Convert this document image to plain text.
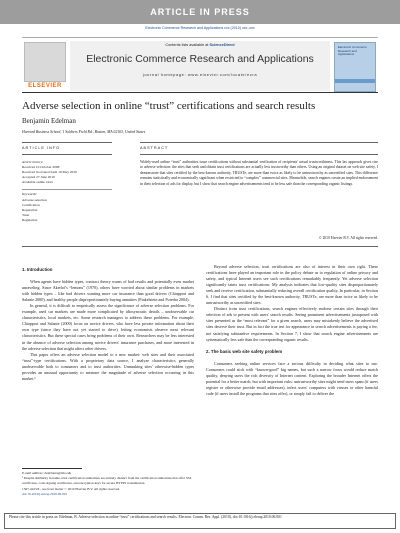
ARTICLE IN PRESS
Electronic Commerce Research and Applications xxx (2010) xxx–xxx
ELSEVIER
Contents lists available at ScienceDirect
Electronic Commerce Research and Applications
journal homepage: www.elsevier.com/locate/ecra
Electronic Commerce Research and Applications
Adverse selection in online “trust” certifications and search results
Benjamin Edelman
Harvard Business School, 1 Soldiers Field Rd., Boston, MA 02163, United States
ARTICLE INFO	ABSTRACT
Article history:
Received 10 October 2008
Received in revised form 10 May 2010
Accepted 27 June 2010
Available online xxxx
Keywords:
Adverse selection
Certification
Reputation
Trust
Regulation
Widely-used online “trust” authorities issue certifications without substantial verification of recipients' actual trustworthiness. This lax approach gives rise to adverse selection: the sites that seek and obtain trust certifications are actually less trustworthy than others. Using an original dataset on web site safety, I demonstrate that sites certified by the best-known authority, TRUSTe, are more than twice as likely to be untrustworthy as uncertified sites. This difference remains statistically and economically significant when restricted to “complex” commercial sites. Meanwhile, search engines create an implied endorsement in their selection of ads for display, but I show that search engine advertisements tend to be less safe than the corresponding organic listings.
© 2010 Elsevier B.V. All rights reserved.
1. Introduction

When agents have hidden types, contract theory warns of bad results and potentially even market unraveling. Since Akerlof's “lemons” (1970), others have worried about similar problems in markets with hidden types – like bad drivers wanting more car insurance than good drivers (Chiappori and Salanie 2000), and healthy people disproportionately buying annuities (Finkelstein and Poterba 2004).

In general, it is difficult to empirically assess the significance of adverse selection problems. For example, used car markets are made more complicated by idiosyncratic details – unobservable car characteristics, local markets, etc. Some research managers to address these problems. For example, Chiappori and Salanie (2000) focus on novice drivers, who have less private information about their own type (since they have not yet started to drive), letting economists observe most relevant characteristics. But these special cases bring problems of their own. Researchers may be less interested in the absence of adverse selection among novice drivers' insurance purchases, and more interested in the adverse selection that might affect other drivers.

This paper offers an adverse selection model to a new market: web sites and their associated “trust”-type certifications. With a proprietary data source, I analyze characteristics generally unobservable both to consumers and to trust authorities. Unmasking sites' otherwise-hidden types provides an unusual opportunity to measure the magnitude of adverse selection occurring in this market.¹

Beyond adverse selection, trust certifications are also of interest in their own right. These certifications have played an important role in the policy debate as to regulation of online privacy and safety, and typical Internet users see such certifications remarkably frequently. Yet adverse selection significantly taints trust certifications: My analysis indicates that low-quality sites disproportionately seek and receive certification, substantially reducing overall certification quality. In particular, in Section 6, I find that sites certified by the best-known authority, TRUSTe, are more than twice as likely to be untrustworthy as uncertified sites.

Distinct from trust certifications, search engines effectively endorse certain sites through their selection of ads to present with users' search results. Seeing prominent advertisements juxtaposed with sites presented as the “most relevant” for a given search, users may mistakenly believe the advertised sites deserve their trust. But in fact the true test for appearance in search advertisements is paying a fee, not satisfying substantive requirements. In Section 7, I show that search engine advertisements are systematically less safe than the corresponding organic results.

2. The basic web site safety problem

Consumers seeking online services face a serious difficulty in deciding what sites to use. Consumers could stick with “known-good” big names, but such a narrow focus would reduce match quality, denying users the rich diversity of Internet content. Exploring the broader Internet offers the potential for a better match, but with important risks: untrustworthy sites might send users spam (if users register or otherwise provide email addresses), infect users' computers with viruses or other harmful code (if users install the programs that sites offer), or simply fail to deliver the

E-mail address: bedelman@hbs.edu
¹ Despite similarity in name, trust certification authorities are entirely distinct from the certification authorities that offer SSL certificates, code-signing certificates, and encryption keys for secure HTTPS transmission.
1567-4223/$ - see front matter © 2010 Elsevier B.V. All rights reserved.
doi:10.1016/j.elerap.2010.06.001
Please cite this article in press as: Edelman, B. Adverse selection in online “trust” certifications and search results. Electron. Comm. Res. Appl. (2010), doi:10.1016/j.elerap.2010.06.001
